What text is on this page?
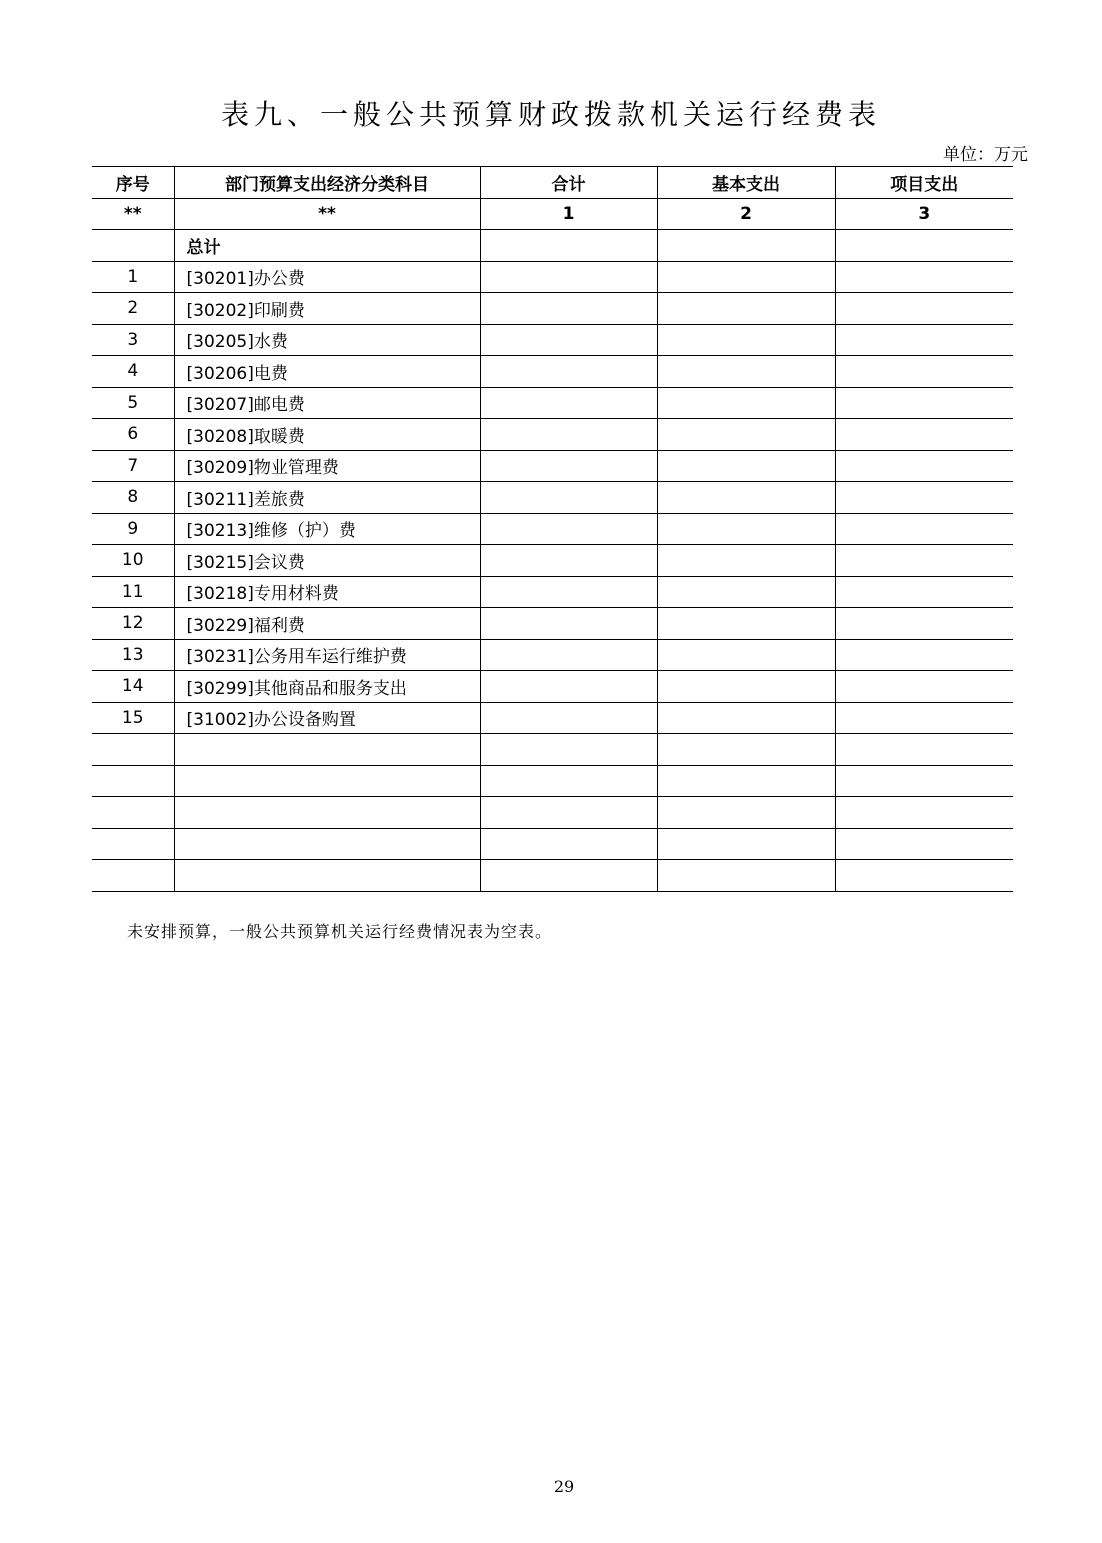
表九、一般公共预算财政拨款机关运行经费表
单位：万元
序号	部门预算支出经济分类科目	合计	基本支出	项目支出
**	**	1	2	3
	总计			
1	[30201]办公费			
2	[30202]印刷费			
3	[30205]水费			
4	[30206]电费			
5	[30207]邮电费			
6	[30208]取暖费			
7	[30209]物业管理费			
8	[30211]差旅费			
9	[30213]维修（护）费			
10	[30215]会议费			
11	[30218]专用材料费			
12	[30229]福利费			
13	[30231]公务用车运行维护费			
14	[30299]其他商品和服务支出			
15	[31002]办公设备购置			

未安排预算，一般公共预算机关运行经费情况表为空表。
29
